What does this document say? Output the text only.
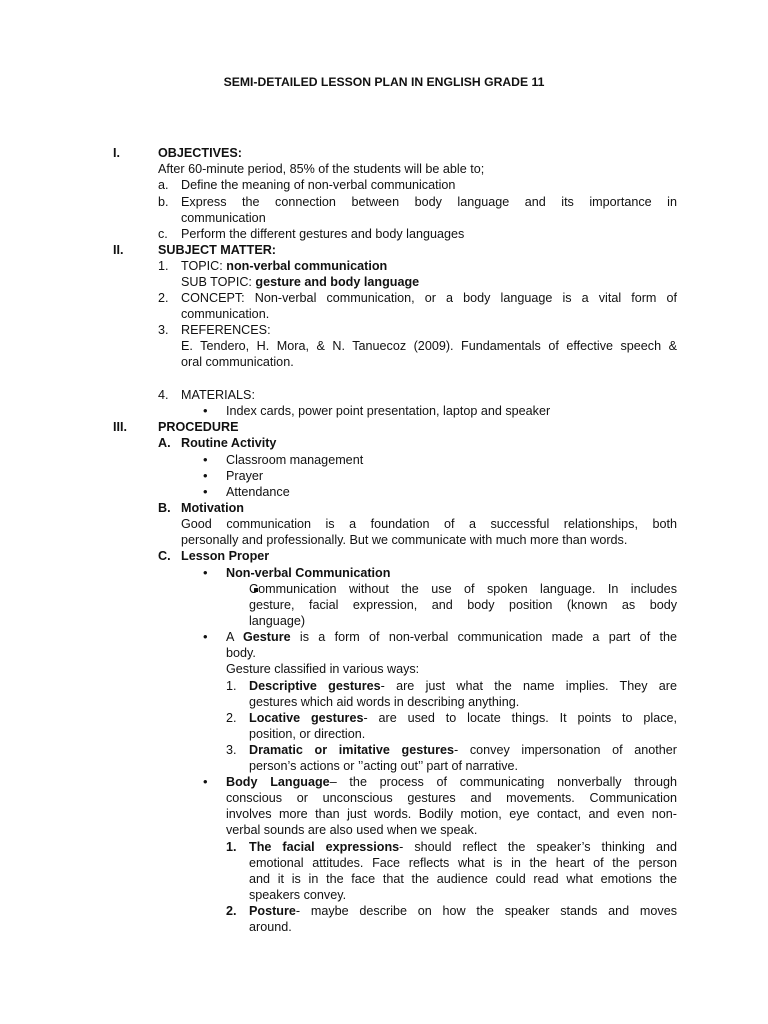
SEMI-DETAILED LESSON PLAN IN ENGLISH GRADE 11
I.	OBJECTIVES:
After 60-minute period, 85% of the students will be able to;
a. Define the meaning of non-verbal communication
b. Express the connection between body language and its importance in
communication
c. Perform the different gestures and body languages
II.	SUBJECT MATTER:
1. TOPIC: non-verbal communication
SUB TOPIC: gesture and body language
2. CONCEPT: Non-verbal communication, or a body language is a vital form of
communication.
3. REFERENCES:
E. Tendero, H. Mora, & N. Tanuecoz (2009). Fundamentals of effective speech &
oral communication.
4. MATERIALS:
• Index cards, power point presentation, laptop and speaker
III. PROCEDURE
A. Routine Activity
• Classroom management
• Prayer
• Attendance
B. Motivation
Good communication is a foundation of a successful relationships, both
personally and professionally. But we communicate with much more than words.
C. Lesson Proper
• Non-verbal Communication
Communication without the use of spoken language. In includes
gesture, facial expression, and body position (known as body
language)
• A Gesture is a form of non-verbal communication made a part of the
body.
Gesture classified in various ways:
1. Descriptive gestures- are just what the name implies. They are
gestures which aid words in describing anything.
2. Locative gestures- are used to locate things. It points to place,
position, or direction.
3. Dramatic or imitative gestures- convey impersonation of another
person’s actions or ’’acting out’’ part of narrative.
• Body Language– the process of communicating nonverbally through
conscious or unconscious gestures and movements. Communication
involves more than just words. Bodily motion, eye contact, and even non-
verbal sounds are also used when we speak.
1. The facial expressions- should reflect the speaker’s thinking and
emotional attitudes. Face reflects what is in the heart of the person
and it is in the face that the audience could read what emotions the
speakers convey.
2. Posture- maybe describe on how the speaker stands and moves
around.
